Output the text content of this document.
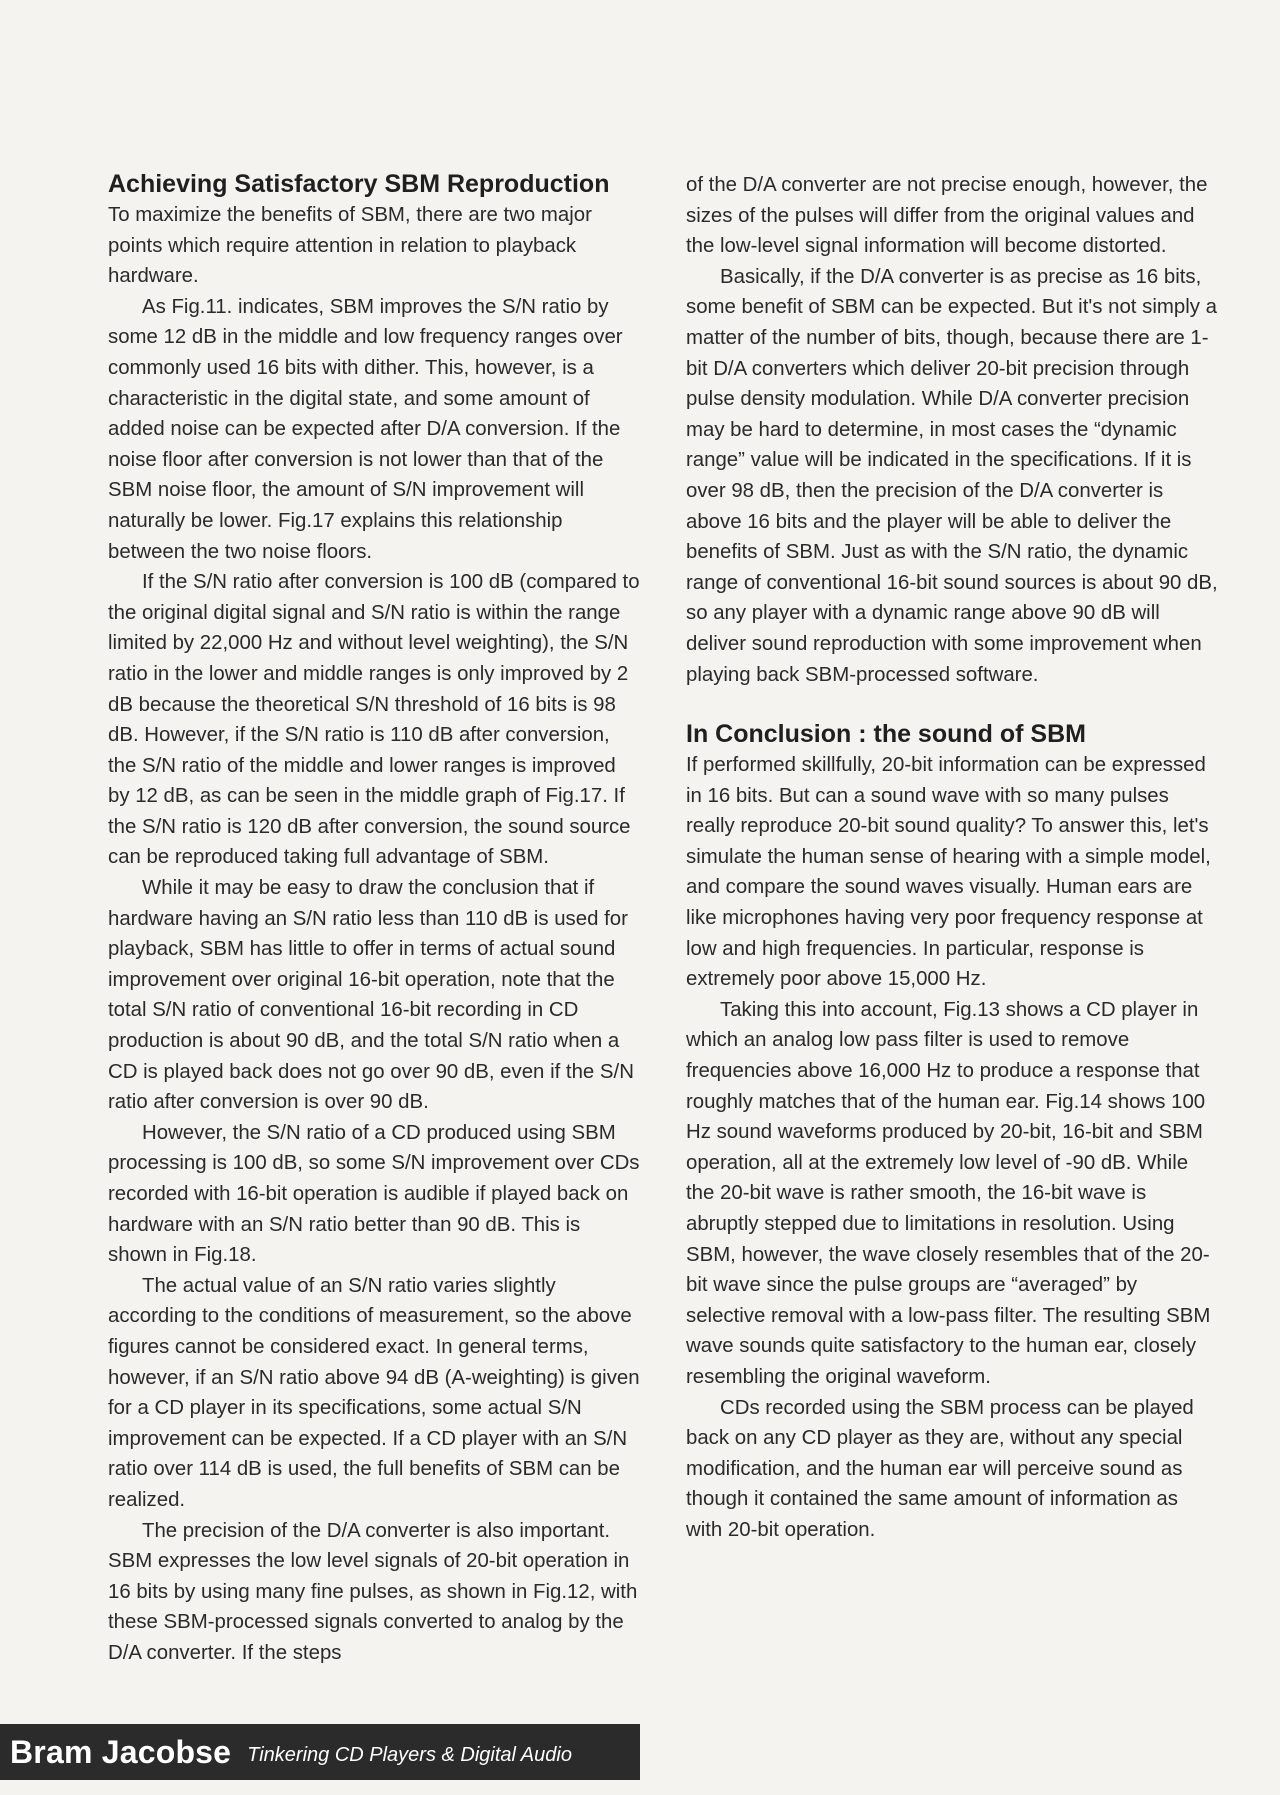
Achieving Satisfactory SBM Reproduction

To maximize the benefits of SBM, there are two major points which require attention in relation to playback hardware.

As Fig.11. indicates, SBM improves the S/N ratio by some 12 dB in the middle and low frequency ranges over commonly used 16 bits with dither. This, however, is a characteristic in the digital state, and some amount of added noise can be expected after D/A conversion. If the noise floor after conversion is not lower than that of the SBM noise floor, the amount of S/N improvement will naturally be lower. Fig.17 explains this relationship between the two noise floors.

If the S/N ratio after conversion is 100 dB (compared to the original digital signal and S/N ratio is within the range limited by 22,000 Hz and without level weighting), the S/N ratio in the lower and middle ranges is only improved by 2 dB because the theoretical S/N threshold of 16 bits is 98 dB. However, if the S/N ratio is 110 dB after conversion, the S/N ratio of the middle and lower ranges is improved by 12 dB, as can be seen in the middle graph of Fig.17. If the S/N ratio is 120 dB after conversion, the sound source can be reproduced taking full advantage of SBM.

While it may be easy to draw the conclusion that if hardware having an S/N ratio less than 110 dB is used for playback, SBM has little to offer in terms of actual sound improvement over original 16-bit operation, note that the total S/N ratio of conventional 16-bit recording in CD production is about 90 dB, and the total S/N ratio when a CD is played back does not go over 90 dB, even if the S/N ratio after conversion is over 90 dB.

However, the S/N ratio of a CD produced using SBM processing is 100 dB, so some S/N improvement over CDs recorded with 16-bit operation is audible if played back on hardware with an S/N ratio better than 90 dB. This is shown in Fig.18.

The actual value of an S/N ratio varies slightly according to the conditions of measurement, so the above figures cannot be considered exact. In general terms, however, if an S/N ratio above 94 dB (A-weighting) is given for a CD player in its specifications, some actual S/N improvement can be expected. If a CD player with an S/N ratio over 114 dB is used, the full benefits of SBM can be realized.

The precision of the D/A converter is also important. SBM expresses the low level signals of 20-bit operation in 16 bits by using many fine pulses, as shown in Fig.12, with these SBM-processed signals converted to analog by the D/A converter. If the steps

of the D/A converter are not precise enough, however, the sizes of the pulses will differ from the original values and the low-level signal information will become distorted.

Basically, if the D/A converter is as precise as 16 bits, some benefit of SBM can be expected. But it's not simply a matter of the number of bits, though, because there are 1-bit D/A converters which deliver 20-bit precision through pulse density modulation. While D/A converter precision may be hard to determine, in most cases the “dynamic range” value will be indicated in the specifications. If it is over 98 dB, then the precision of the D/A converter is above 16 bits and the player will be able to deliver the benefits of SBM. Just as with the S/N ratio, the dynamic range of conventional 16-bit sound sources is about 90 dB, so any player with a dynamic range above 90 dB will deliver sound reproduction with some improvement when playing back SBM-processed software.

In Conclusion : the sound of SBM

If performed skillfully, 20-bit information can be expressed in 16 bits. But can a sound wave with so many pulses really reproduce 20-bit sound quality? To answer this, let's simulate the human sense of hearing with a simple model, and compare the sound waves visually. Human ears are like microphones having very poor frequency response at low and high frequencies. In particular, response is extremely poor above 15,000 Hz.

Taking this into account, Fig.13 shows a CD player in which an analog low pass filter is used to remove frequencies above 16,000 Hz to produce a response that roughly matches that of the human ear. Fig.14 shows 100 Hz sound waveforms produced by 20-bit, 16-bit and SBM operation, all at the extremely low level of -90 dB. While the 20-bit wave is rather smooth, the 16-bit wave is abruptly stepped due to limitations in resolution. Using SBM, however, the wave closely resembles that of the 20-bit wave since the pulse groups are “averaged” by selective removal with a low-pass filter. The resulting SBM wave sounds quite satisfactory to the human ear, closely resembling the original waveform.

CDs recorded using the SBM process can be played back on any CD player as they are, without any special modification, and the human ear will perceive sound as though it contained the same amount of information as with 20-bit operation.

Bram Jacobse Tinkering CD Players & Digital Audio
